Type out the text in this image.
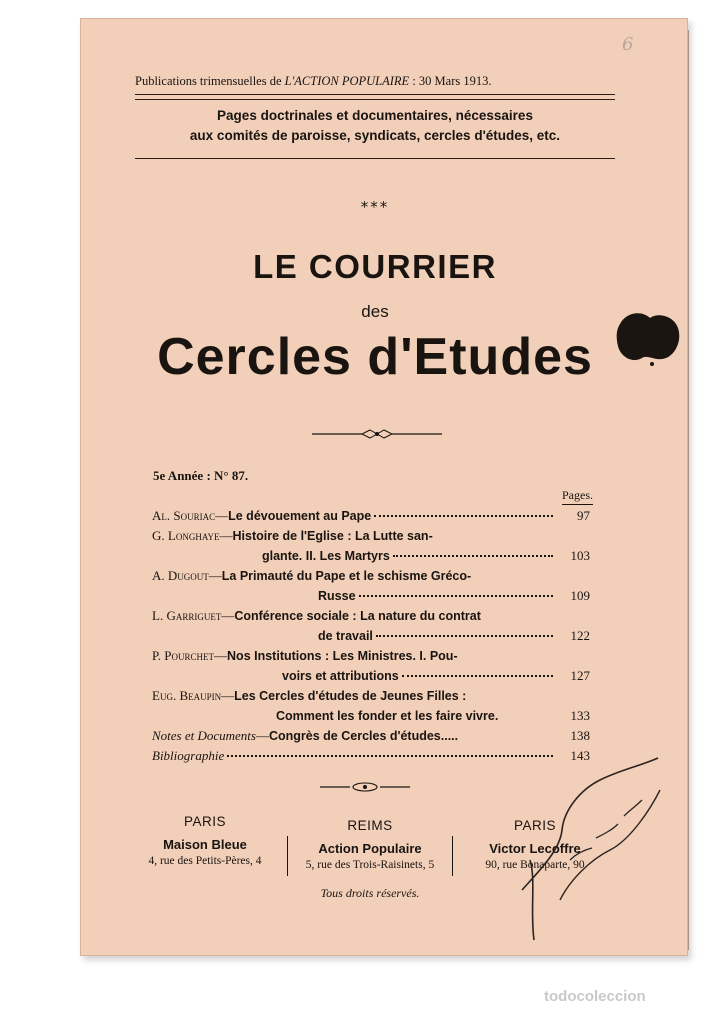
6
Publications trimensuelles de L'ACTION POPULAIRE : 30 Mars 1913.
Pages doctrinales et documentaires, nécessaires
aux comités de paroisse, syndicats, cercles d'études, etc.
***
LE COURRIER
des
Cercles d'Etudes
5e Année : N° 87.
Pages.
Al. Souriac — Le dévouement au Pape	97
G. Longhaye — Histoire de l'Eglise : La Lutte san-
glante. II. Les Martyrs	103
A. Dugout — La Primauté du Pape et le schisme Gréco-
Russe	109
L. Garriguet — Conférence sociale : La nature du contrat
de travail	122
P. Pourchet — Nos Institutions : Les Ministres. I. Pou-
voirs et attributions	127
Eug. Beaupin — Les Cercles d'études de Jeunes Filles :
Comment les fonder et les faire vivre.	133
Notes et Documents — Congrès de Cercles d'études.....	138
Bibliographie	143
PARIS
Maison Bleue
4, rue des Petits-Pères, 4
REIMS
Action Populaire
5, rue des Trois-Raisinets, 5
PARIS
Victor Lecoffre
90, rue Bonaparte, 90
Tous droits réservés.
todocoleccion
